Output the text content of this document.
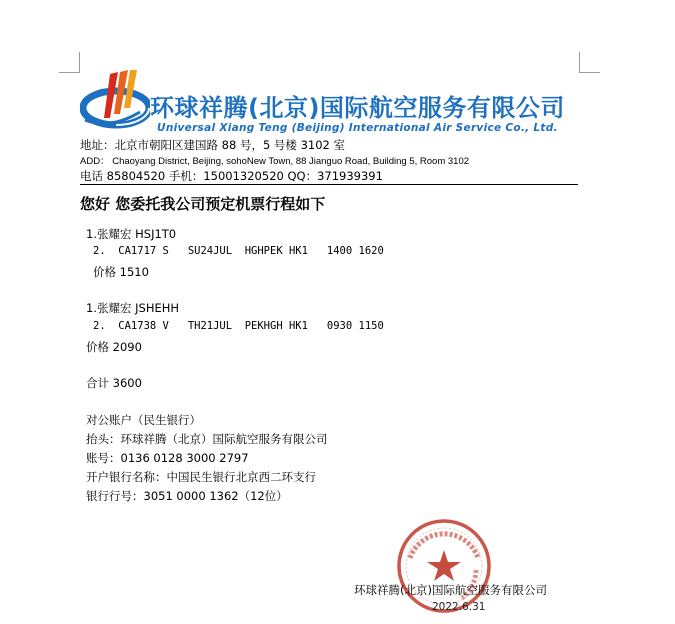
环球祥腾(北京)国际航空服务有限公司
Universal Xiang Teng (Beijing) International Air Service Co., Ltd.
地址：北京市朝阳区建国路 88 号，5 号楼 3102 室
ADD： Chaoyang District, Beijing, sohoNew Town, 88 Jianguo Road, Building 5, Room 3102
电话 85804520 手机：15001320520 QQ：371939391
您好 您委托我公司预定机票行程如下
1.张耀宏 HSJ1T0
2.  CA1717 S   SU24JUL  HGHPEK HK1   1400 1620
价格 1510
1.张耀宏 JSHEHH
2.  CA1738 V   TH21JUL  PEKHGH HK1   0930 1150
价格 2090
合计 3600
对公账户（民生银行）
抬头：环球祥腾（北京）国际航空服务有限公司
账号：0136 0128 3000 2797
开户银行名称：中国民生银行北京西二环支行
银行行号：3051 0000 1362（12位）
环球祥腾(北京)国际航空服务有限公司
2022.6.31
